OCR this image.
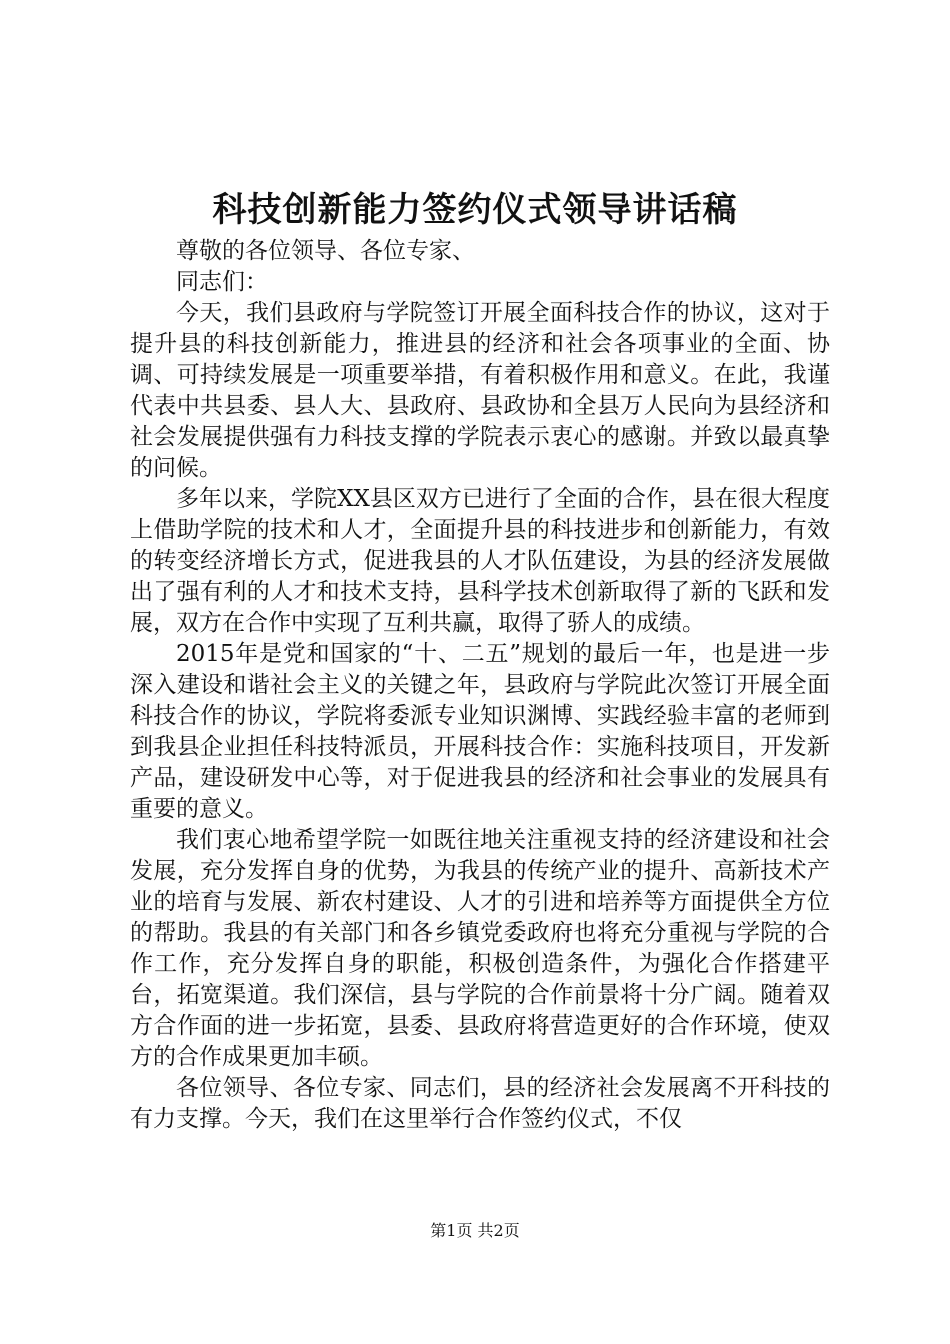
科技创新能力签约仪式领导讲话稿

尊敬的各位领导、各位专家、

同志们：

今天，我们县政府与学院签订开展全面科技合作的协议，这对于提升县的科技创新能力，推进县的经济和社会各项事业的全面、协调、可持续发展是一项重要举措，有着积极作用和意义。在此，我谨代表中共县委、县人大、县政府、县政协和全县万人民向为县经济和社会发展提供强有力科技支撑的学院表示衷心的感谢。并致以最真挚的问候。

多年以来，学院XX县区双方已进行了全面的合作，县在很大程度上借助学院的技术和人才，全面提升县的科技进步和创新能力，有效的转变经济增长方式，促进我县的人才队伍建设，为县的经济发展做出了强有利的人才和技术支持，县科学技术创新取得了新的飞跃和发展，双方在合作中实现了互利共赢，取得了骄人的成绩。

2015年是党和国家的“十、二五”规划的最后一年，也是进一步深入建设和谐社会主义的关键之年，县政府与学院此次签订开展全面科技合作的协议，学院将委派专业知识渊博、实践经验丰富的老师到到我县企业担任科技特派员，开展科技合作：实施科技项目，开发新产品，建设研发中心等，对于促进我县的经济和社会事业的发展具有重要的意义。

我们衷心地希望学院一如既往地关注重视支持的经济建设和社会发展，充分发挥自身的优势，为我县的传统产业的提升、高新技术产业的培育与发展、新农村建设、人才的引进和培养等方面提供全方位的帮助。我县的有关部门和各乡镇党委政府也将充分重视与学院的合作工作，充分发挥自身的职能，积极创造条件，为强化合作搭建平台，拓宽渠道。我们深信，县与学院的合作前景将十分广阔。随着双方合作面的进一步拓宽，县委、县政府将营造更好的合作环境，使双方的合作成果更加丰硕。

各位领导、各位专家、同志们，县的经济社会发展离不开科技的有力支撑。今天，我们在这里举行合作签约仪式，不仅

第1页 共2页
